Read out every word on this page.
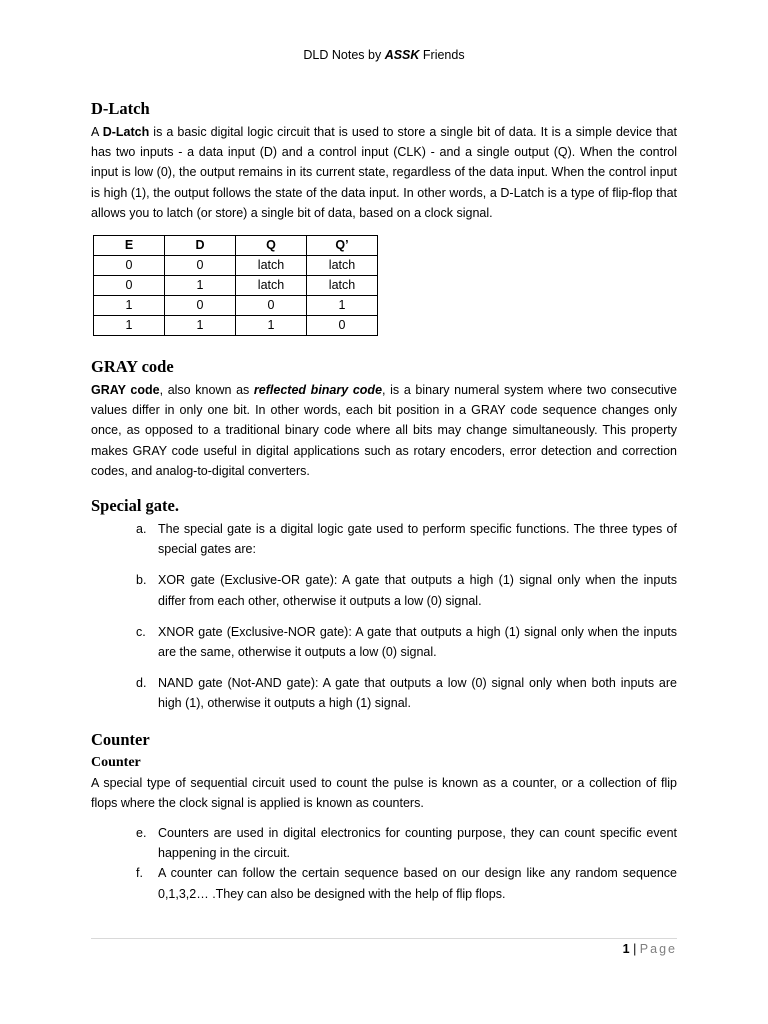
DLD Notes by ASSK Friends
D-Latch

A D-Latch is a basic digital logic circuit that is used to store a single bit of data. It is a simple device that has two inputs - a data input (D) and a control input (CLK) - and a single output (Q). When the control input is low (0), the output remains in its current state, regardless of the data input. When the control input is high (1), the output follows the state of the data input. In other words, a D-Latch is a type of flip-flop that allows you to latch (or store) a single bit of data, based on a clock signal.

E	D	Q	Q’
0	0	latch	latch
0	1	latch	latch
1	0	0	1
1	1	1	0
GRAY code

GRAY code, also known as reflected binary code, is a binary numeral system where two consecutive values differ in only one bit. In other words, each bit position in a GRAY code sequence changes only once, as opposed to a traditional binary code where all bits may change simultaneously. This property makes GRAY code useful in digital applications such as rotary encoders, error detection and correction codes, and analog-to-digital converters.

Special gate.
a. The special gate is a digital logic gate used to perform specific functions. The three types of special gates are:
b. XOR gate (Exclusive-OR gate): A gate that outputs a high (1) signal only when the inputs differ from each other, otherwise it outputs a low (0) signal.
c. XNOR gate (Exclusive-NOR gate): A gate that outputs a high (1) signal only when the inputs are the same, otherwise it outputs a low (0) signal.
d. NAND gate (Not-AND gate): A gate that outputs a low (0) signal only when both inputs are high (1), otherwise it outputs a high (1) signal.
Counter
Counter

A special type of sequential circuit used to count the pulse is known as a counter, or a collection of flip flops where the clock signal is applied is known as counters.

e. Counters are used in digital electronics for counting purpose, they can count specific event happening in the circuit.
f. A counter can follow the certain sequence based on our design like any random sequence 0,1,3,2… .They can also be designed with the help of flip flops.
1 | Page
